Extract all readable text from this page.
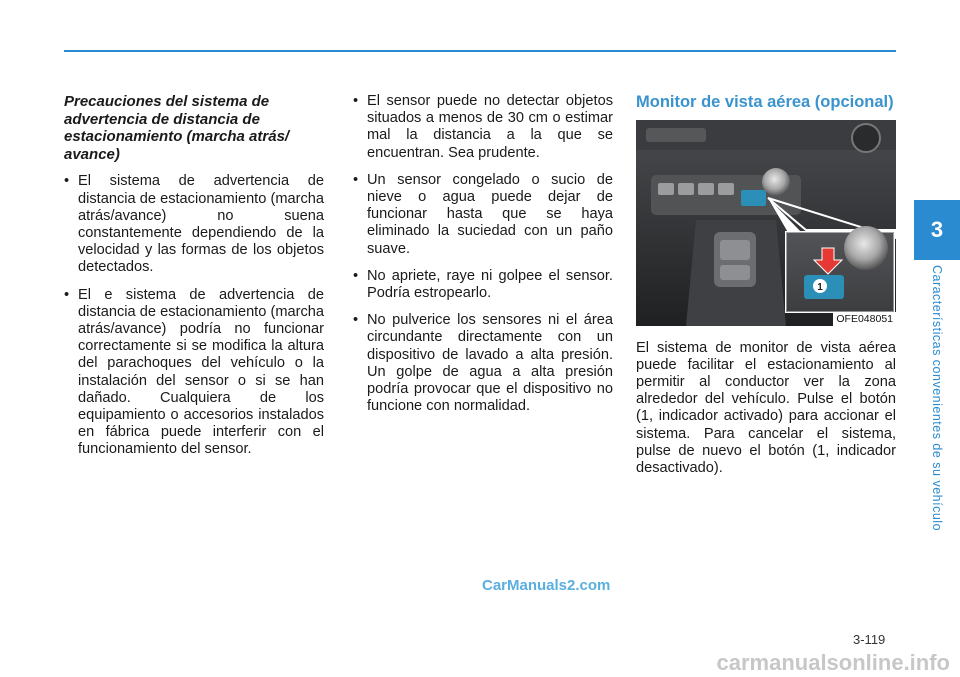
Precauciones del sistema de advertencia de distancia de estacionamiento (marcha atrás/ avance)
• El sistema de advertencia de distancia de estacionamiento (marcha atrás/avance) no suena constantemente dependiendo de la velocidad y las formas de los objetos detectados.
• El e sistema de advertencia de distancia de estacionamiento (marcha atrás/avance) podría no funcionar correctamente si se modifica la altura del parachoques del vehículo o la instalación del sensor o si se han dañado. Cualquiera de los equipamiento o accesorios instalados en fábrica puede interferir con el funcionamiento del sensor.
• El sensor puede no detectar objetos situados a menos de 30 cm o estimar mal la distancia a la que se encuentran. Sea prudente.
• Un sensor congelado o sucio de nieve o agua puede dejar de funcionar hasta que se haya eliminado la suciedad con un paño suave.
• No apriete, raye ni golpee el sensor. Podría estropearlo.
• No pulverice los sensores ni el área circundante directamente con un dispositivo de lavado a alta presión. Un golpe de agua a alta presión podría provocar que el dispositivo no funcione con normalidad.
Monitor de vista aérea (opcional)
1
OFE048051

El sistema de monitor de vista aérea puede facilitar el estacionamiento al permitir al conductor ver la zona alrededor del vehículo. Pulse el botón (1, indicador activado) para accionar el sistema. Para cancelar el sistema, pulse de nuevo el botón (1, indicador desactivado).

3
Características convenientes de su vehículo
3-119
CarManuals2.com
carmanualsonline.info
